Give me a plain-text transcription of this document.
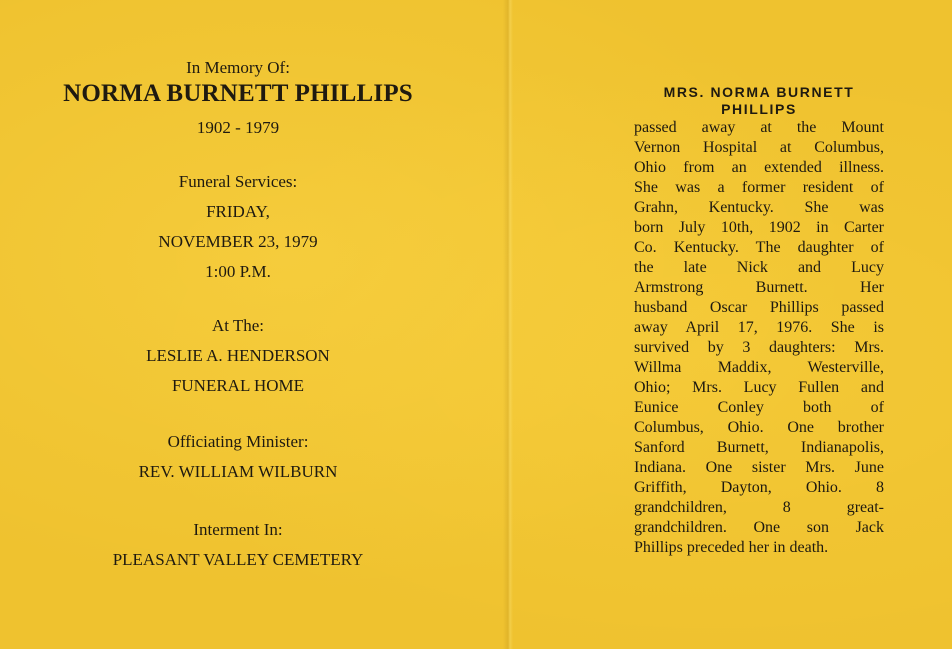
In Memory Of:
NORMA BURNETT PHILLIPS
1902 - 1979
Funeral Services:
FRIDAY,
NOVEMBER 23, 1979
1:00 P.M.
At The:
LESLIE A. HENDERSON
FUNERAL HOME
Officiating Minister:
REV. WILLIAM WILBURN
Interment In:
PLEASANT VALLEY CEMETERY
MRS. NORMA BURNETT
PHILLIPS
passed away at the Mount
Vernon Hospital at Columbus,
Ohio from an extended illness.
She was a former resident of
Grahn, Kentucky. She was
born July 10th, 1902 in Carter
Co. Kentucky. The daughter of
the late Nick and Lucy
Armstrong Burnett. Her
husband Oscar Phillips passed
away April 17, 1976. She is
survived by 3 daughters: Mrs.
Willma Maddix, Westerville,
Ohio; Mrs. Lucy Fullen and
Eunice Conley both of
Columbus, Ohio. One brother
Sanford Burnett, Indianapolis,
Indiana. One sister Mrs. June
Griffith, Dayton, Ohio. 8
grandchildren, 8 great-
grandchildren. One son Jack
Phillips preceded her in death.
